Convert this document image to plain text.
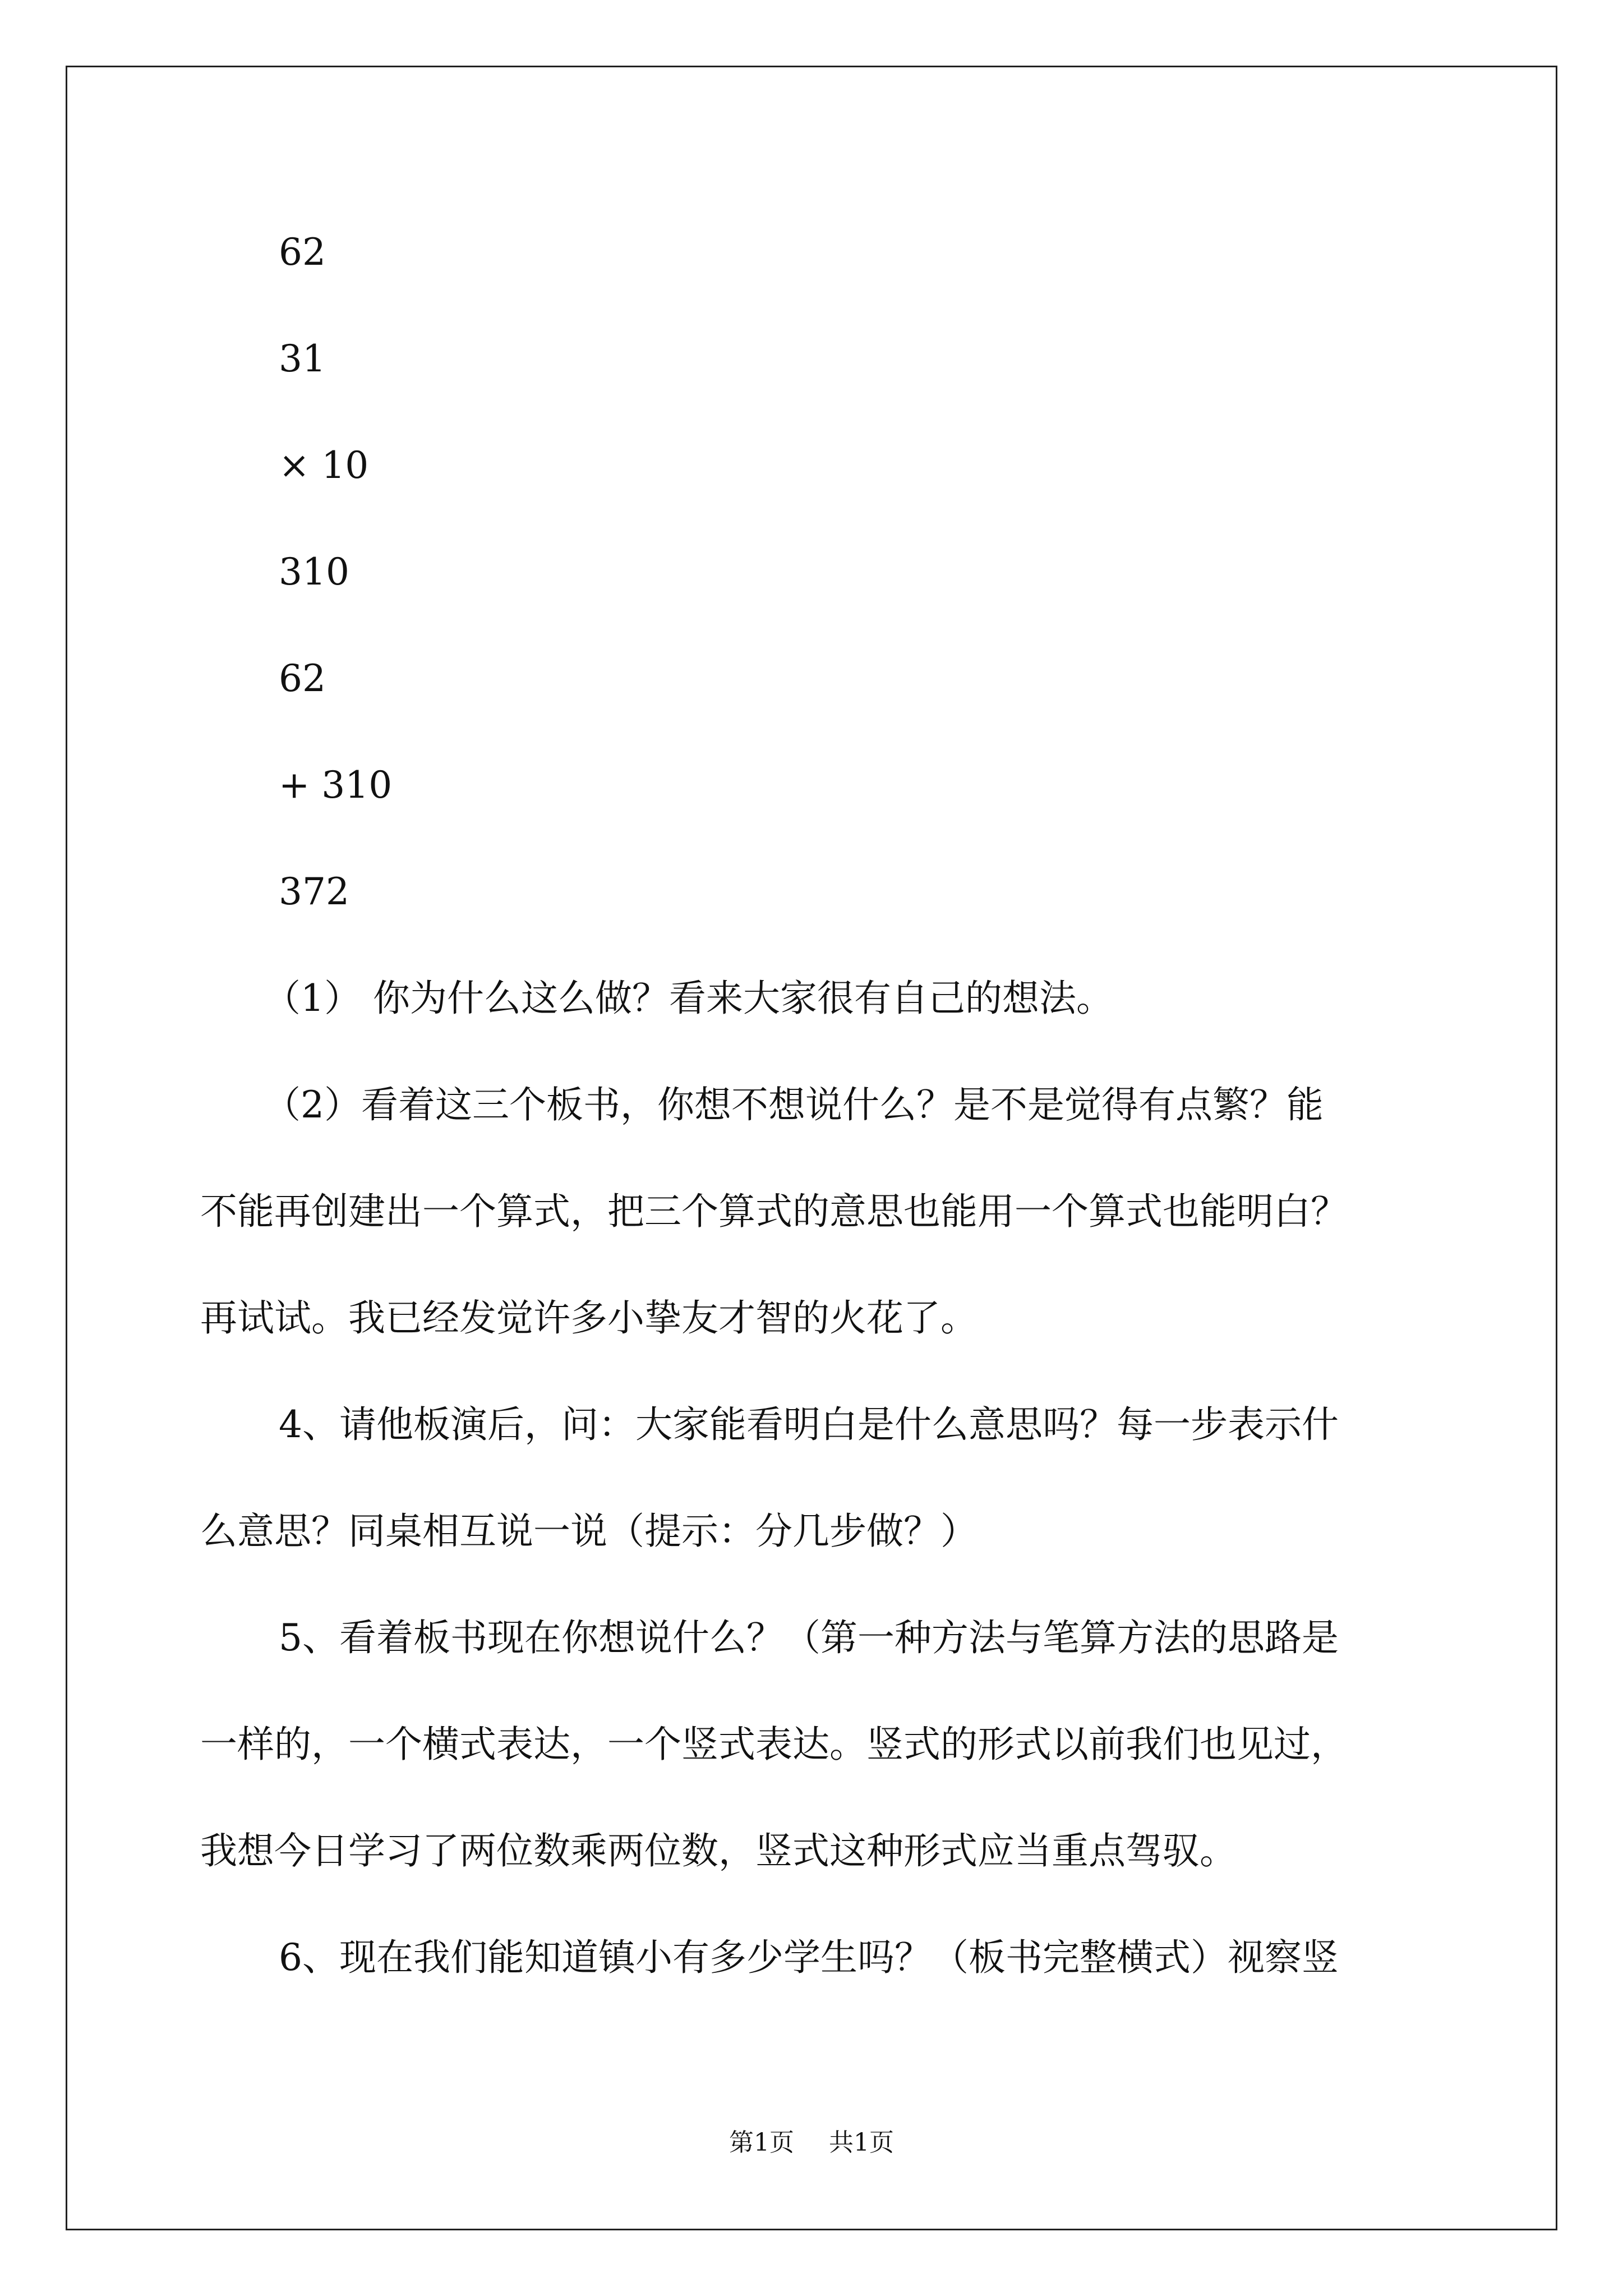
62
31
× 10
310
62
+ 310
372
（1） 你为什么这么做？看来大家很有自己的想法。
（2）看着这三个板书，你想不想说什么？是不是觉得有点繁？能
不能再创建出一个算式，把三个算式的意思也能用一个算式也能明白？
再试试。我已经发觉许多小挚友才智的火花了。
4、请他板演后，问：大家能看明白是什么意思吗？每一步表示什
么意思？同桌相互说一说（提示：分几步做？）
5、看着板书现在你想说什么？（第一种方法与笔算方法的思路是
一样的，一个横式表达，一个竖式表达。竖式的形式以前我们也见过，
我想今日学习了两位数乘两位数，竖式这种形式应当重点驾驭。
6、现在我们能知道镇小有多少学生吗？（板书完整横式）视察竖
第1页 共1页
